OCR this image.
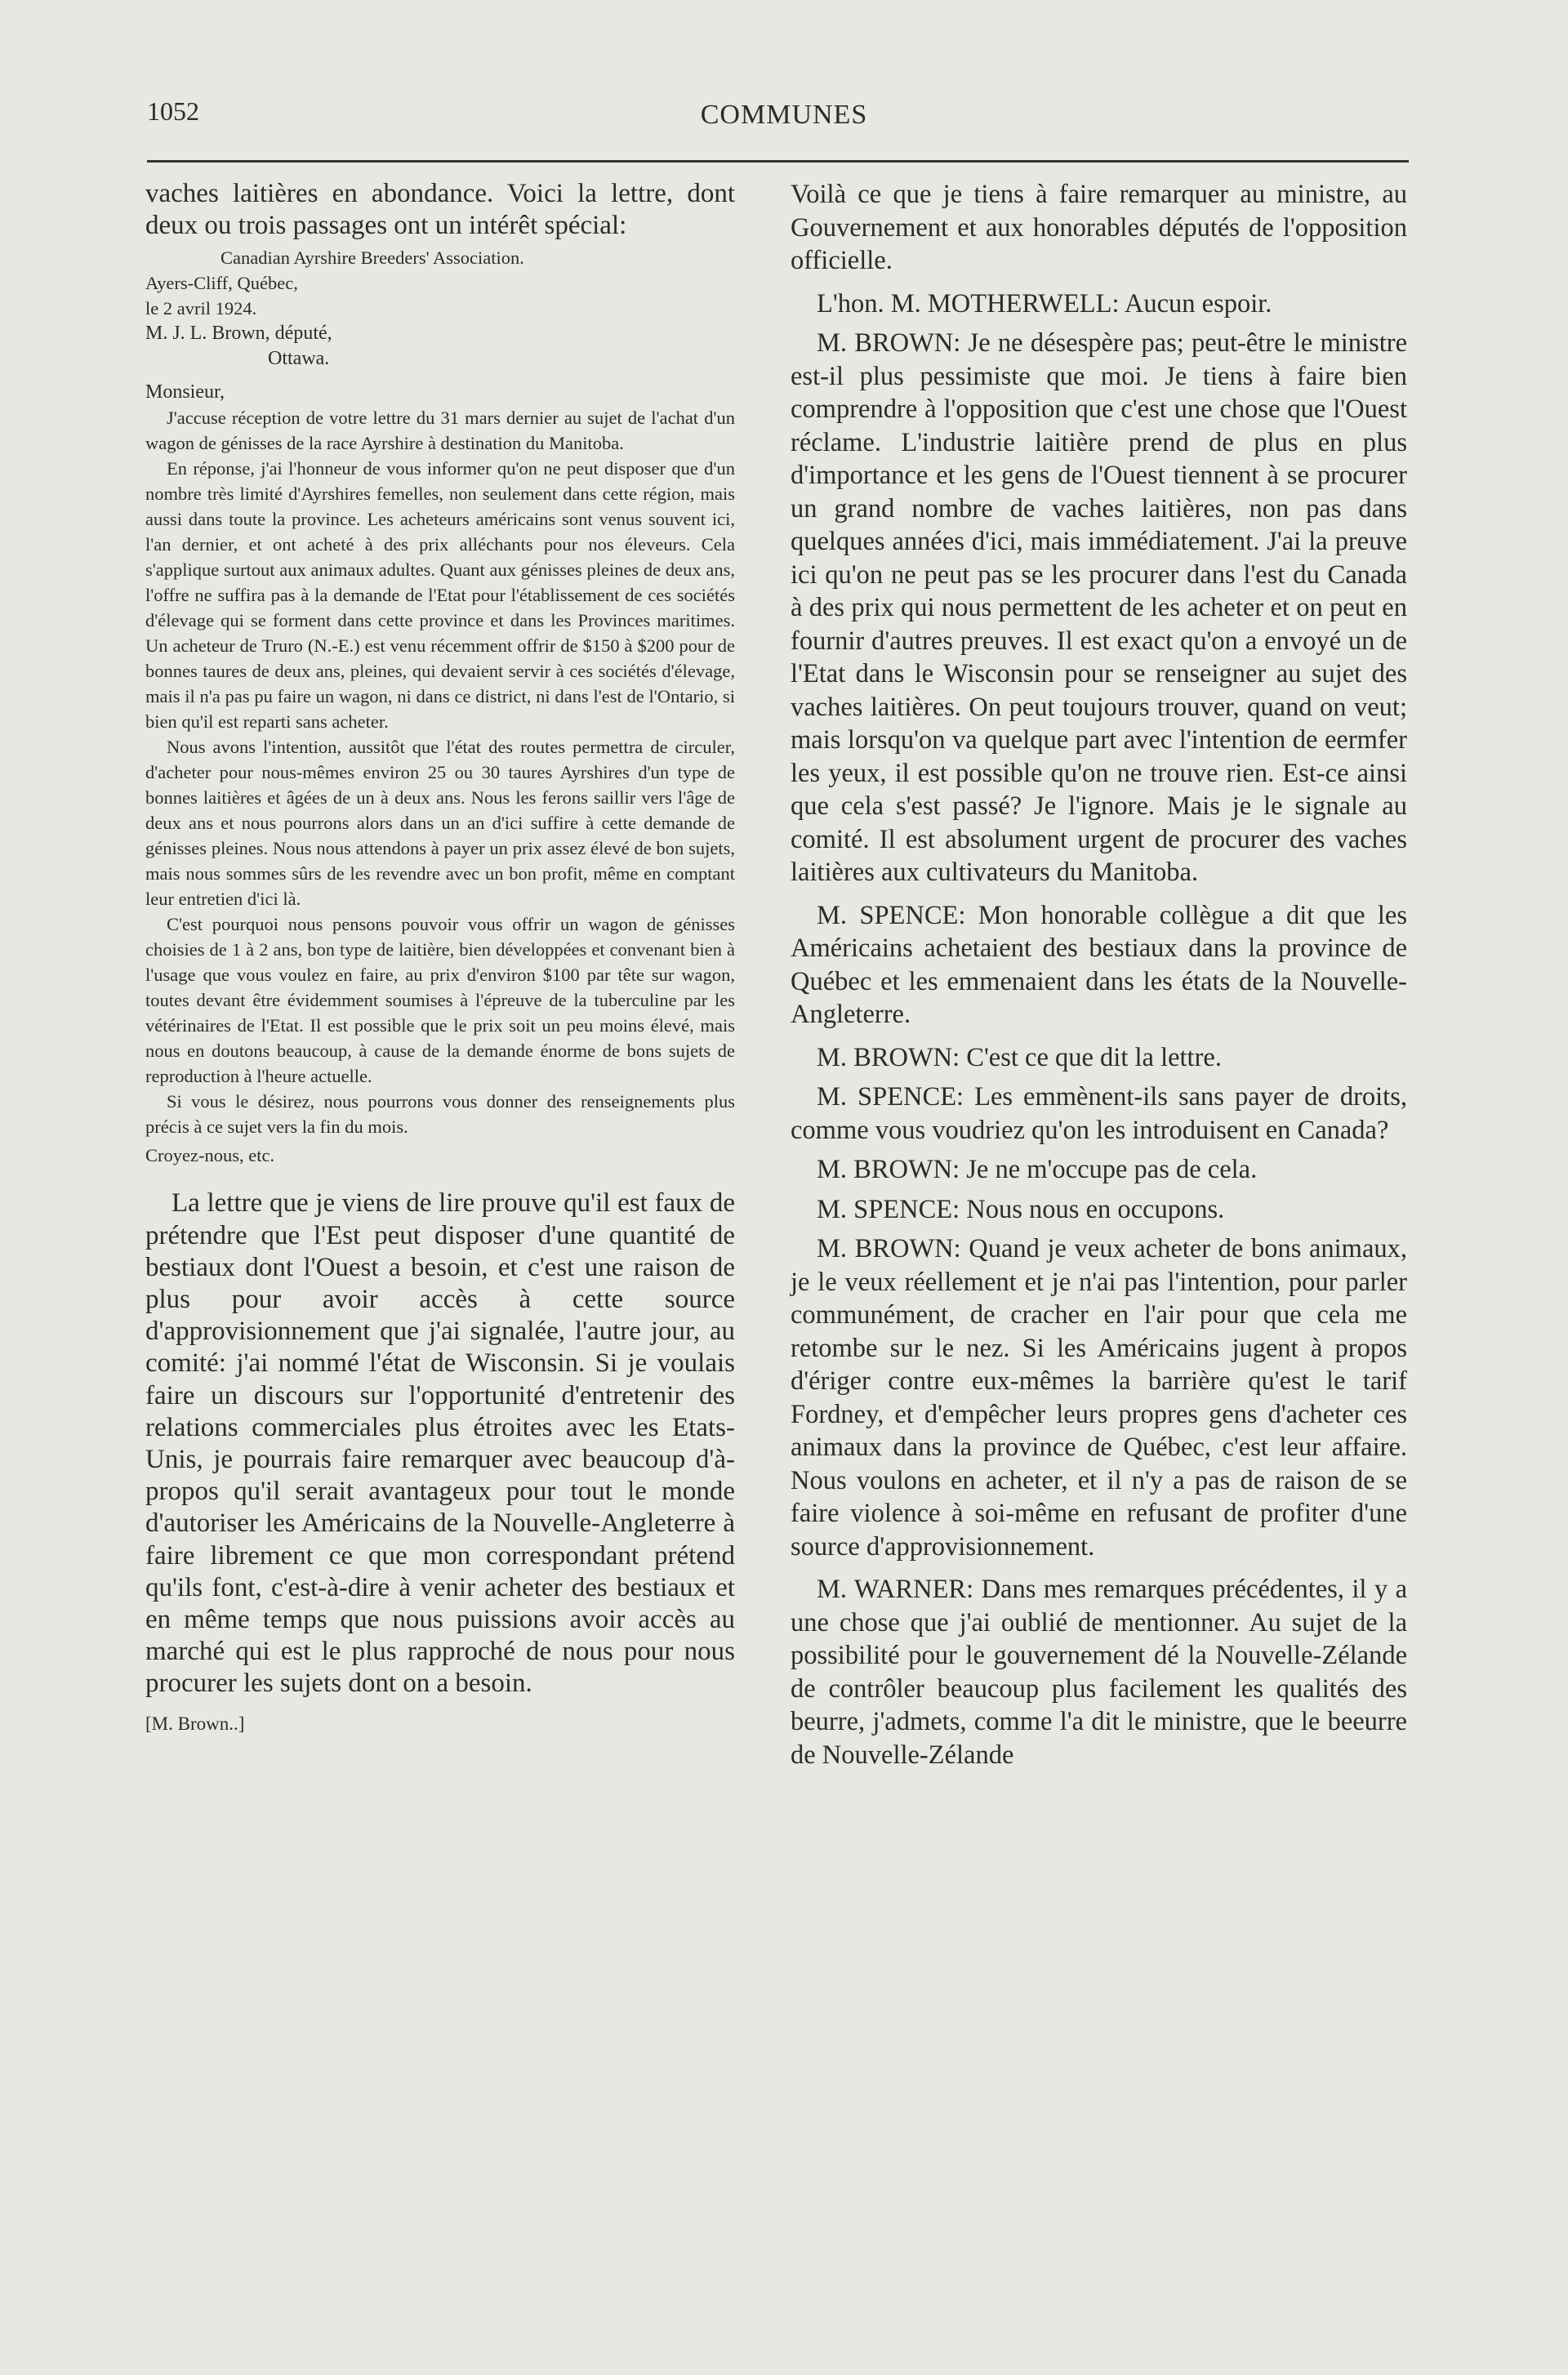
1052	COMMUNES

vaches laitières en abondance. Voici la lettre, dont deux ou trois passages ont un intérêt spécial:

Canadian Ayrshire Breeders' Association.

Ayers-Cliff, Québec,

le 2 avril 1924.

M. J. L. Brown, député,

Ottawa.

Monsieur,

J'accuse réception de votre lettre du 31 mars dernier au sujet de l'achat d'un wagon de génisses de la race Ayrshire à destination du Manitoba.

En réponse, j'ai l'honneur de vous informer qu'on ne peut disposer que d'un nombre très limité d'Ayrshires femelles, non seulement dans cette région, mais aussi dans toute la province. Les acheteurs américains sont venus souvent ici, l'an dernier, et ont acheté à des prix alléchants pour nos éleveurs. Cela s'applique surtout aux animaux adultes. Quant aux génisses pleines de deux ans, l'offre ne suffira pas à la demande de l'Etat pour l'établissement de ces sociétés d'élevage qui se forment dans cette province et dans les Provinces maritimes. Un acheteur de Truro (N.-E.) est venu récemment offrir de $150 à $200 pour de bonnes taures de deux ans, pleines, qui devaient servir à ces sociétés d'élevage, mais il n'a pas pu faire un wagon, ni dans ce district, ni dans l'est de l'Ontario, si bien qu'il est reparti sans acheter.

Nous avons l'intention, aussitôt que l'état des routes permettra de circuler, d'acheter pour nous-mêmes environ 25 ou 30 taures Ayrshires d'un type de bonnes laitières et âgées de un à deux ans. Nous les ferons saillir vers l'âge de deux ans et nous pourrons alors dans un an d'ici suffire à cette demande de génisses pleines. Nous nous attendons à payer un prix assez élevé de bon sujets, mais nous sommes sûrs de les revendre avec un bon profit, même en comptant leur entretien d'ici là.

C'est pourquoi nous pensons pouvoir vous offrir un wagon de génisses choisies de 1 à 2 ans, bon type de laitière, bien développées et convenant bien à l'usage que vous voulez en faire, au prix d'environ $100 par tête sur wagon, toutes devant être évidemment soumises à l'épreuve de la tuberculine par les vétérinaires de l'Etat. Il est possible que le prix soit un peu moins élevé, mais nous en doutons beaucoup, à cause de la demande énorme de bons sujets de reproduction à l'heure actuelle.

Si vous le désirez, nous pourrons vous donner des renseignements plus précis à ce sujet vers la fin du mois.

Croyez-nous, etc.

La lettre que je viens de lire prouve qu'il est faux de prétendre que l'Est peut disposer d'une quantité de bestiaux dont l'Ouest a besoin, et c'est une raison de plus pour avoir accès à cette source d'approvisionnement que j'ai signalée, l'autre jour, au comité: j'ai nommé l'état de Wisconsin. Si je voulais faire un discours sur l'opportunité d'entretenir des relations commerciales plus étroites avec les Etats-Unis, je pourrais faire remarquer avec beaucoup d'à-propos qu'il serait avantageux pour tout le monde d'autoriser les Américains de la Nouvelle-Angleterre à faire librement ce que mon correspondant prétend qu'ils font, c'est-à-dire à venir acheter des bestiaux et en même temps que nous puissions avoir accès au marché qui est le plus rapproché de nous pour nous procurer les sujets dont on a besoin.

[M. Brown..]

Voilà ce que je tiens à faire remarquer au ministre, au Gouvernement et aux honorables députés de l'opposition officielle.

L'hon. M. MOTHERWELL: Aucun espoir.

M. BROWN: Je ne désespère pas; peut-être le ministre est-il plus pessimiste que moi. Je tiens à faire bien comprendre à l'opposition que c'est une chose que l'Ouest réclame. L'industrie laitière prend de plus en plus d'importance et les gens de l'Ouest tiennent à se procurer un grand nombre de vaches laitières, non pas dans quelques années d'ici, mais immédiatement. J'ai la preuve ici qu'on ne peut pas se les procurer dans l'est du Canada à des prix qui nous permettent de les acheter et on peut en fournir d'autres preuves. Il est exact qu'on a envoyé un de l'Etat dans le Wisconsin pour se renseigner au sujet des vaches laitières. On peut toujours trouver, quand on veut; mais lorsqu'on va quelque part avec l'intention de eermfer les yeux, il est possible qu'on ne trouve rien. Est-ce ainsi que cela s'est passé? Je l'ignore. Mais je le signale au comité. Il est absolument urgent de procurer des vaches laitières aux cultivateurs du Manitoba.

M. SPENCE: Mon honorable collègue a dit que les Américains achetaient des bestiaux dans la province de Québec et les emmenaient dans les états de la Nouvelle-Angleterre.

M. BROWN: C'est ce que dit la lettre.

M. SPENCE: Les emmènent-ils sans payer de droits, comme vous voudriez qu'on les introduisent en Canada?

M. BROWN: Je ne m'occupe pas de cela.

M. SPENCE: Nous nous en occupons.

M. BROWN: Quand je veux acheter de bons animaux, je le veux réellement et je n'ai pas l'intention, pour parler communément, de cracher en l'air pour que cela me retombe sur le nez. Si les Américains jugent à propos d'ériger contre eux-mêmes la barrière qu'est le tarif Fordney, et d'empêcher leurs propres gens d'acheter ces animaux dans la province de Québec, c'est leur affaire. Nous voulons en acheter, et il n'y a pas de raison de se faire violence à soi-même en refusant de profiter d'une source d'approvisionnement.

M. WARNER: Dans mes remarques précédentes, il y a une chose que j'ai oublié de mentionner. Au sujet de la possibilité pour le gouvernement dé la Nouvelle-Zélande de contrôler beaucoup plus facilement les qualités des beurre, j'admets, comme l'a dit le ministre, que le beeurre de Nouvelle-Zélande
